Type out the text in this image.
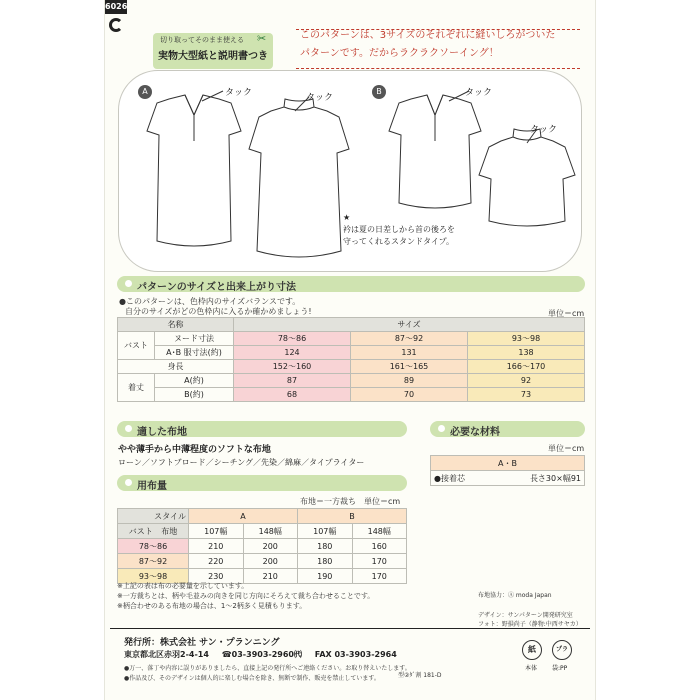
6026
切り取ってそのまま使える
実物大型紙と説明書つき
✂	このパターンは、3サイズのそれぞれに縫いしろがついた
パターンです。だからラクラクソーイング！
A	B
タック	タック	タック
タック
★
衿は夏の日差しから首の後ろを
守ってくれるスタンドタイプ。
パターンのサイズと出来上がり寸法
●このパターンは、色枠内のサイズバランスです。
自分のサイズがどの色枠内に入るか確かめましょう!	単位＝cm
名称		サイズ		
バスト	ヌード寸法	78～86	87～92	93～98
	A･B 服寸法(約)	124	131	138
身長		152～160	161～165	166～170
着丈	A(約)	87	89	92
	B(約)	68	70	73
適した布地
やや薄手から中薄程度のソフトな布地
ローン／ソフトブロード／シーチング／先染／綿麻／タイプライター
必要な材料
単位＝cm
A・B
●接着芯	長さ30×幅91
用布量
布地＝一方裁ち　単位＝cm
スタイル	A		B	
バスト 布地	107幅	148幅	107幅	148幅
78～86	210	200	180	160
87～92	220	200	180	170
93～98	230	210	190	170
※上記の表は布の必要量を示しています。
※一方裁ちとは、柄や毛並みの向きを同じ方向にそろえて裁ち合わせることです。
※柄合わせのある布地の場合は、1～2柄多く見積もります。
布地協力：Ⓐ moda Japan
デザイン：サンパターン開発研究室
フォト：野損尚子（静物:中西サヤカ）
発行所：株式会社 サン・プランニング
東京都北区赤羽2-4-14 ☎03-3903-2960㈹ FAX 03-3903-2964
●万一、落丁や内容に誤りがありましたら、直接上記の発行所へご連絡ください。お取り替えいたします。
●作品及び、そのデザインは個人的に楽しむ場合を除き、無断で制作、販売を禁止しています。	型②ﾀﾞ割 181-D
紙	プラ
本体 袋:PP
